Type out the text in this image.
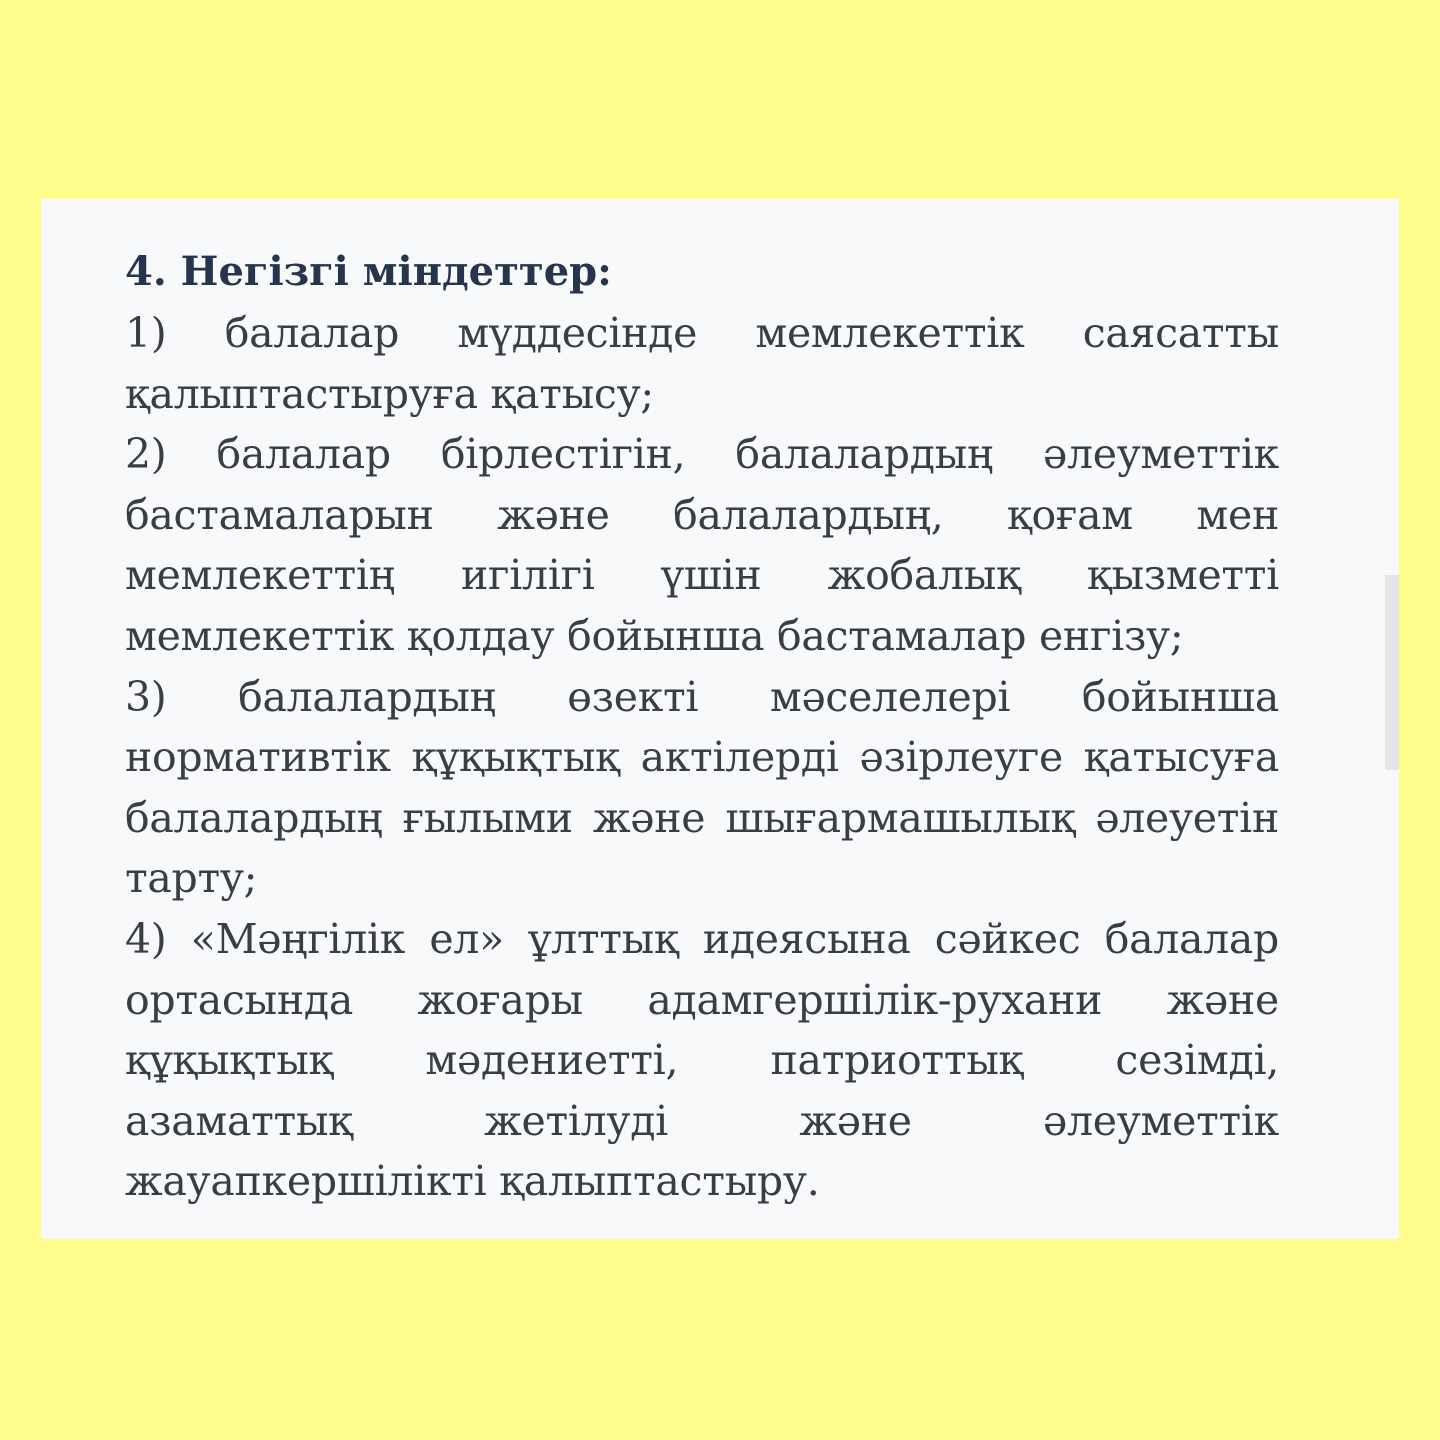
4. Негізгі міндеттер:

1) балалар мүддесінде мемлекеттік саясатты қалыптастыруға қатысу;

2) балалар бірлестігін, балалардың әлеуметтік бастамаларын және балалардың, қоғам мен мемлекеттің игілігі үшін жобалық қызметті мемлекеттік қолдау бойынша бастамалар енгізу;

3) балалардың өзекті мәселелері бойынша нормативтік құқықтық актілерді әзірлеуге қатысуға балалардың ғылыми және шығармашылық әлеуетін тарту;

4) «Мәңгілік ел» ұлттық идеясына сәйкес балалар ортасында жоғары адамгершілік-рухани және құқықтық мәдениетті, патриоттық сезімді, азаматтық жетілуді және әлеуметтік жауапкершілікті қалыптастыру.
